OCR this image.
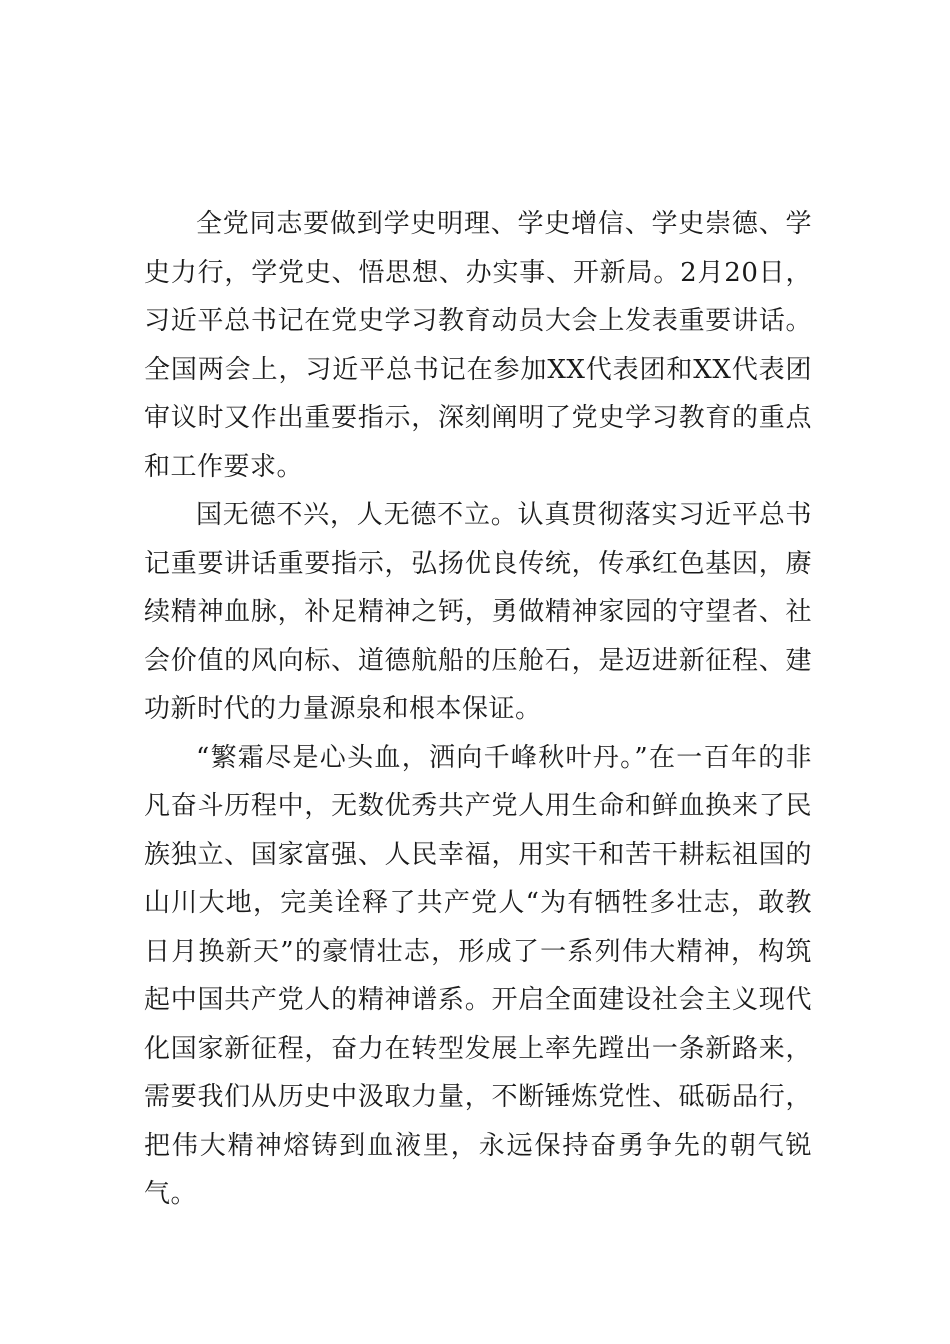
全党同志要做到学史明理、学史增信、学史崇德、学史力行，学党史、悟思想、办实事、开新局。2月20日，习近平总书记在党史学习教育动员大会上发表重要讲话。全国两会上，习近平总书记在参加XX代表团和XX代表团审议时又作出重要指示，深刻阐明了党史学习教育的重点和工作要求。

国无德不兴，人无德不立。认真贯彻落实习近平总书记重要讲话重要指示，弘扬优良传统，传承红色基因，赓续精神血脉，补足精神之钙，勇做精神家园的守望者、社会价值的风向标、道德航船的压舱石，是迈进新征程、建功新时代的力量源泉和根本保证。

“繁霜尽是心头血，洒向千峰秋叶丹。”在一百年的非凡奋斗历程中，无数优秀共产党人用生命和鲜血换来了民族独立、国家富强、人民幸福，用实干和苦干耕耘祖国的山川大地，完美诠释了共产党人“为有牺牲多壮志，敢教日月换新天”的豪情壮志，形成了一系列伟大精神，构筑起中国共产党人的精神谱系。开启全面建设社会主义现代化国家新征程，奋力在转型发展上率先蹚出一条新路来，需要我们从历史中汲取力量，不断锤炼党性、砥砺品行，把伟大精神熔铸到血液里，永远保持奋勇争先的朝气锐气。
